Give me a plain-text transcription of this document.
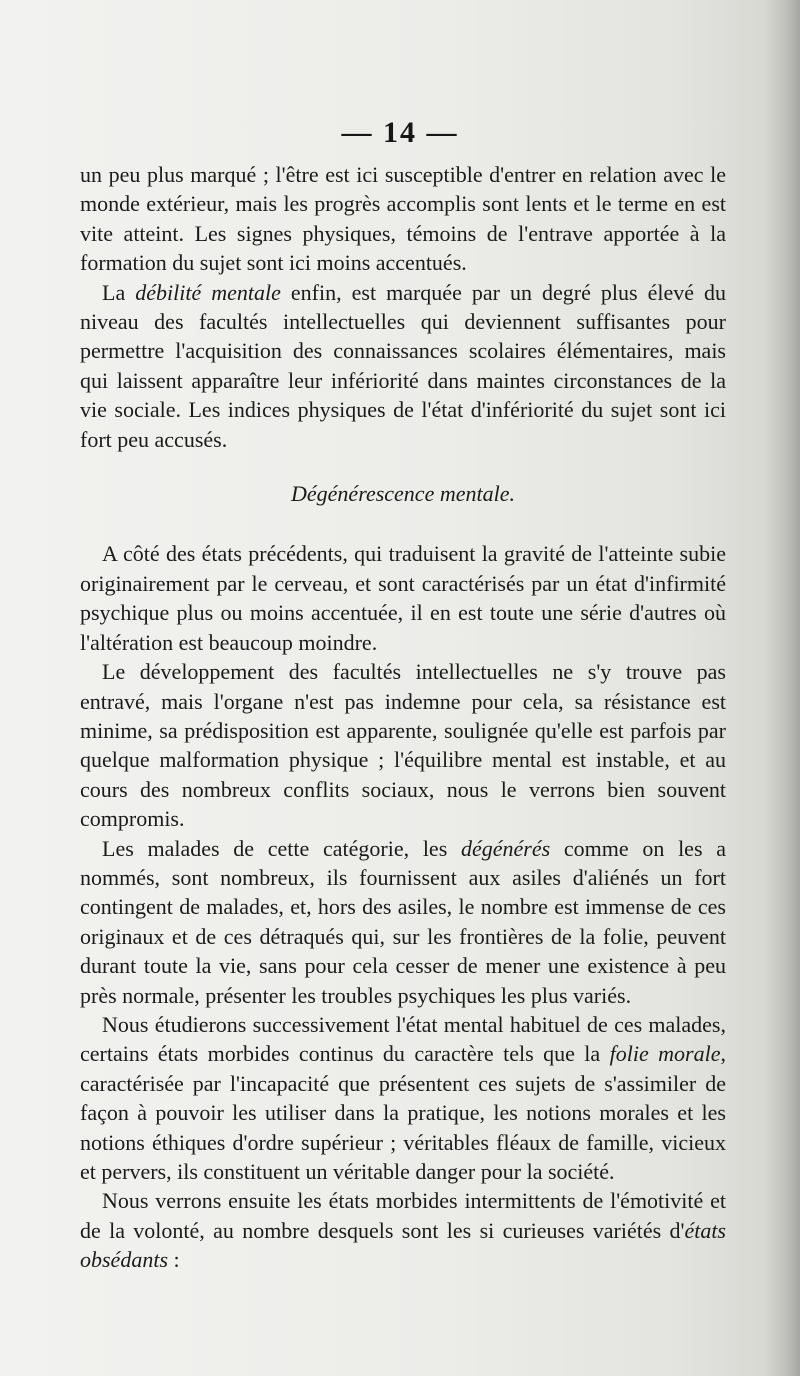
— 14 —

un peu plus marqué ; l'être est ici susceptible d'entrer en relation avec le monde extérieur, mais les progrès accomplis sont lents et le terme en est vite atteint. Les signes physiques, témoins de l'entrave apportée à la formation du sujet sont ici moins accentués.

La débilité mentale enfin, est marquée par un degré plus élevé du niveau des facultés intellectuelles qui deviennent suffisantes pour permettre l'acquisition des connaissances scolaires élémentaires, mais qui laissent apparaître leur infériorité dans maintes circonstances de la vie sociale. Les indices physiques de l'état d'infériorité du sujet sont ici fort peu accusés.

Dégénérescence mentale.

A côté des états précédents, qui traduisent la gravité de l'atteinte subie originairement par le cerveau, et sont caractérisés par un état d'infirmité psychique plus ou moins accentuée, il en est toute une série d'autres où l'altération est beaucoup moindre.

Le développement des facultés intellectuelles ne s'y trouve pas entravé, mais l'organe n'est pas indemne pour cela, sa résistance est minime, sa prédisposition est apparente, soulignée qu'elle est parfois par quelque malformation physique ; l'équilibre mental est instable, et au cours des nombreux conflits sociaux, nous le verrons bien souvent compromis.

Les malades de cette catégorie, les dégénérés comme on les a nommés, sont nombreux, ils fournissent aux asiles d'aliénés un fort contingent de malades, et, hors des asiles, le nombre est immense de ces originaux et de ces détraqués qui, sur les frontières de la folie, peuvent durant toute la vie, sans pour cela cesser de mener une existence à peu près normale, présenter les troubles psychiques les plus variés.

Nous étudierons successivement l'état mental habituel de ces malades, certains états morbides continus du caractère tels que la folie morale, caractérisée par l'incapacité que présentent ces sujets de s'assimiler de façon à pouvoir les utiliser dans la pratique, les notions morales et les notions éthiques d'ordre supérieur ; véritables fléaux de famille, vicieux et pervers, ils constituent un véritable danger pour la société.

Nous verrons ensuite les états morbides intermittents de l'émotivité et de la volonté, au nombre desquels sont les si curieuses variétés d'états obsédants :
